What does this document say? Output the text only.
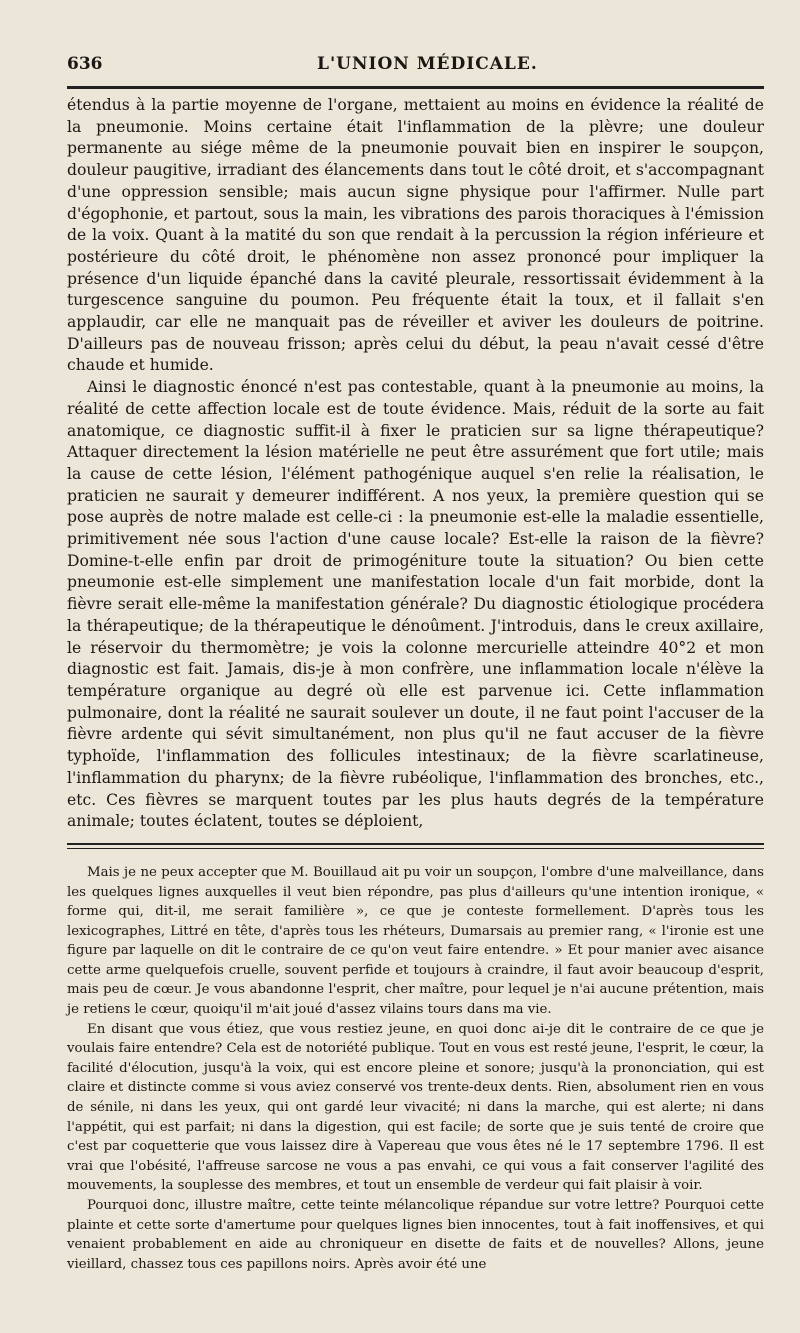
636	L'UNION MÉDICALE.

étendus à la partie moyenne de l'organe, mettaient au moins en évidence la réalité de la pneumonie. Moins certaine était l'inflammation de la plèvre; une douleur permanente au siége même de la pneumonie pouvait bien en inspirer le soupçon, douleur paugitive, irradiant des élancements dans tout le côté droit, et s'accompagnant d'une oppression sensible; mais aucun signe physique pour l'affirmer. Nulle part d'égophonie, et partout, sous la main, les vibrations des parois thoraciques à l'émission de la voix. Quant à la matité du son que rendait à la percussion la région inférieure et postérieure du côté droit, le phénomène non assez prononcé pour impliquer la présence d'un liquide épanché dans la cavité pleurale, ressortissait évidemment à la turgescence sanguine du poumon. Peu fréquente était la toux, et il fallait s'en applaudir, car elle ne manquait pas de réveiller et aviver les douleurs de poitrine. D'ailleurs pas de nouveau frisson; après celui du début, la peau n'avait cessé d'être chaude et humide.

Ainsi le diagnostic énoncé n'est pas contestable, quant à la pneumonie au moins, la réalité de cette affection locale est de toute évidence. Mais, réduit de la sorte au fait anatomique, ce diagnostic suffit-il à fixer le praticien sur sa ligne thérapeutique? Attaquer directement la lésion matérielle ne peut être assurément que fort utile; mais la cause de cette lésion, l'élément pathogénique auquel s'en relie la réalisation, le praticien ne saurait y demeurer indifférent. A nos yeux, la première question qui se pose auprès de notre malade est celle-ci : la pneumonie est-elle la maladie essentielle, primitivement née sous l'action d'une cause locale? Est-elle la raison de la fièvre? Domine-t-elle enfin par droit de primogéniture toute la situation? Ou bien cette pneumonie est-elle simplement une manifestation locale d'un fait morbide, dont la fièvre serait elle-même la manifestation générale? Du diagnostic étiologique procédera la thérapeutique; de la thérapeutique le dénoûment. J'introduis, dans le creux axillaire, le réservoir du thermomètre; je vois la colonne mercurielle atteindre 40°2 et mon diagnostic est fait. Jamais, dis-je à mon confrère, une inflammation locale n'élève la température organique au degré où elle est parvenue ici. Cette inflammation pulmonaire, dont la réalité ne saurait soulever un doute, il ne faut point l'accuser de la fièvre ardente qui sévit simultanément, non plus qu'il ne faut accuser de la fièvre typhoïde, l'inflammation des follicules intestinaux; de la fièvre scarlatineuse, l'inflammation du pharynx; de la fièvre rubéolique, l'inflammation des bronches, etc., etc. Ces fièvres se marquent toutes par les plus hauts degrés de la température animale; toutes éclatent, toutes se déploient,

Mais je ne peux accepter que M. Bouillaud ait pu voir un soupçon, l'ombre d'une malveillance, dans les quelques lignes auxquelles il veut bien répondre, pas plus d'ailleurs qu'une intention ironique, « forme qui, dit-il, me serait familière », ce que je conteste formellement. D'après tous les lexicographes, Littré en tête, d'après tous les rhéteurs, Dumarsais au premier rang, « l'ironie est une figure par laquelle on dit le contraire de ce qu'on veut faire entendre. » Et pour manier avec aisance cette arme quelquefois cruelle, souvent perfide et toujours à craindre, il faut avoir beaucoup d'esprit, mais peu de cœur. Je vous abandonne l'esprit, cher maître, pour lequel je n'ai aucune prétention, mais je retiens le cœur, quoiqu'il m'ait joué d'assez vilains tours dans ma vie.

En disant que vous étiez, que vous restiez jeune, en quoi donc ai-je dit le contraire de ce que je voulais faire entendre? Cela est de notoriété publique. Tout en vous est resté jeune, l'esprit, le cœur, la facilité d'élocution, jusqu'à la voix, qui est encore pleine et sonore; jusqu'à la prononciation, qui est claire et distincte comme si vous aviez conservé vos trente-deux dents. Rien, absolument rien en vous de sénile, ni dans les yeux, qui ont gardé leur vivacité; ni dans la marche, qui est alerte; ni dans l'appétit, qui est parfait; ni dans la digestion, qui est facile; de sorte que je suis tenté de croire que c'est par coquetterie que vous laissez dire à Vapereau que vous êtes né le 17 septembre 1796. Il est vrai que l'obésité, l'affreuse sarcose ne vous a pas envahi, ce qui vous a fait conserver l'agilité des mouvements, la souplesse des membres, et tout un ensemble de verdeur qui fait plaisir à voir.

Pourquoi donc, illustre maître, cette teinte mélancolique répandue sur votre lettre? Pourquoi cette plainte et cette sorte d'amertume pour quelques lignes bien innocentes, tout à fait inoffensives, et qui venaient probablement en aide au chroniqueur en disette de faits et de nouvelles? Allons, jeune vieillard, chassez tous ces papillons noirs. Après avoir été une
